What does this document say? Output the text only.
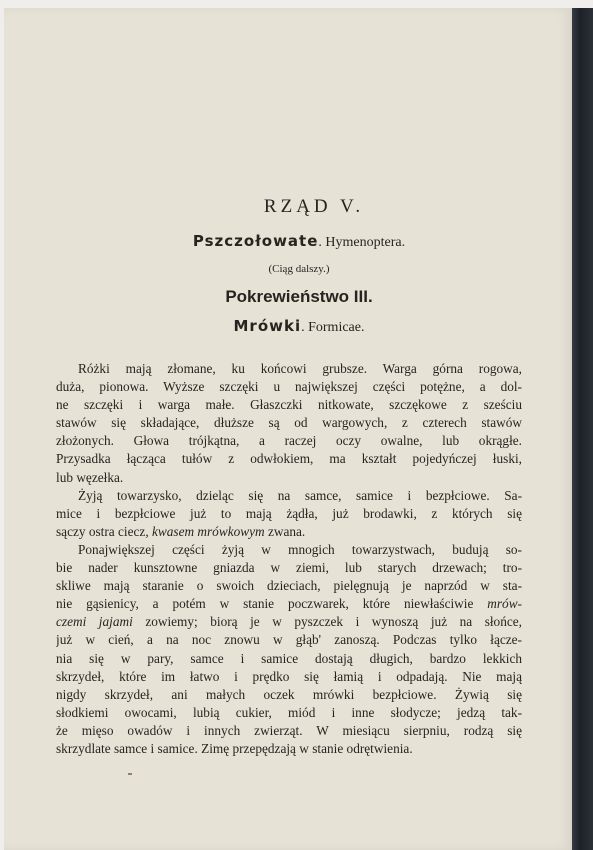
RZĄD V.
Pszczołowate. Hymenoptera.
(Ciąg dalszy.)
Pokrewieństwo III.
Mrówki. Formicae.
Różki mają złomane, ku końcowi grubsze. Warga górna rogowa,
duża, pionowa. Wyższe szczęki u największej części potężne, a dol-
ne szczęki i warga małe. Głaszczki nitkowate, szczękowe z sześciu
stawów się składające, dłuższe są od wargowych, z czterech stawów
złożonych. Głowa trójkątna, a raczej oczy owalne, lub okrągłe.
Przysadka łącząca tułów z odwłokiem, ma kształt pojedyńczej łuski,
lub węzełka.
Żyją towarzysko, dzieląc się na samce, samice i bezpłciowe. Sa-
mice i bezpłciowe już to mają żądła, już brodawki, z których się
sączy ostra ciecz, kwasem mrówkowym zwana.
Ponajwiększej części żyją w mnogich towarzystwach, budują so-
bie nader kunsztowne gniazda w ziemi, lub starych drzewach; tro-
skliwe mają staranie o swoich dzieciach, pielęgnują je naprzód w sta-
nie gąsienicy, a potém w stanie poczwarek, które niewłaściwie mrów-
czemi jajami zowiemy; biorą je w pyszczek i wynoszą już na słońce,
już w cień, a na noc znowu w głąb' zanoszą. Podczas tylko łącze-
nia się w pary, samce i samice dostają długich, bardzo lekkich
skrzydeł, które im łatwo i prędko się łamią i odpadają. Nie mają
nigdy skrzydeł, ani małych oczek mrówki bezpłciowe. Żywią się
słodkiemi owocami, lubią cukier, miód i inne słodycze; jedzą tak-
że mięso owadów i innych zwierząt. W miesiącu sierpniu, rodzą się
skrzydlate samce i samice. Zimę przepędzają w stanie odrętwienia.
